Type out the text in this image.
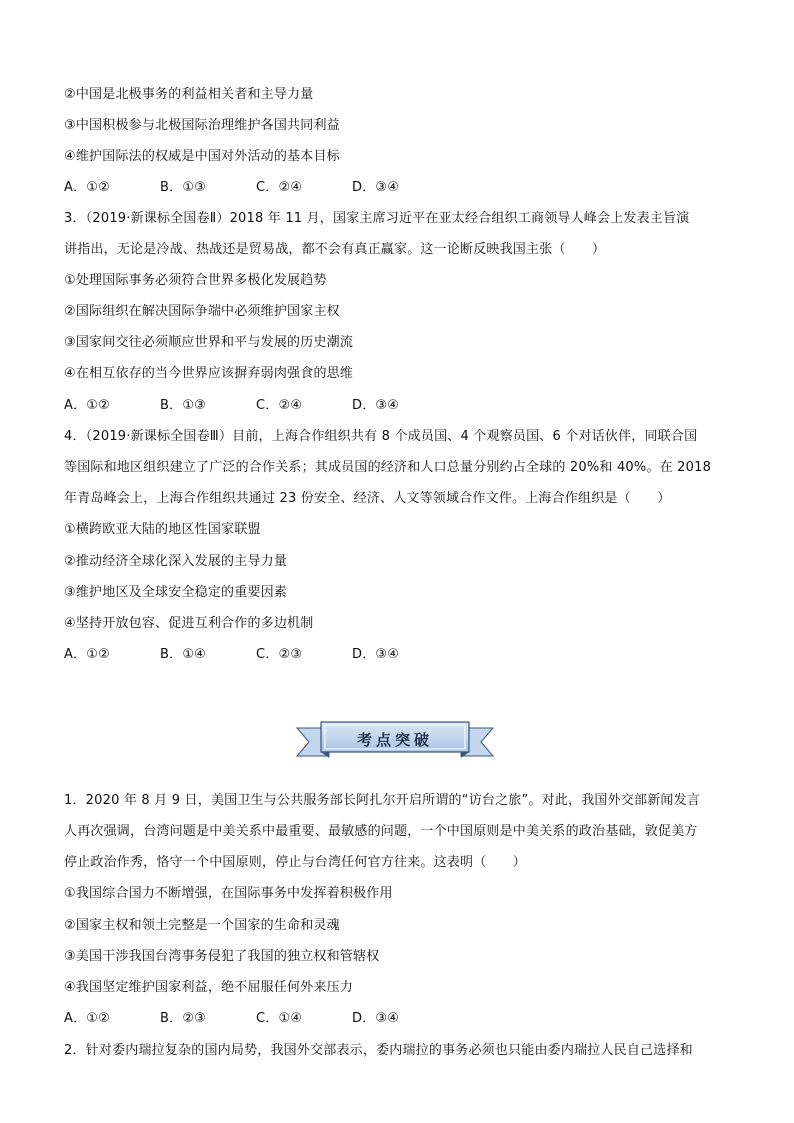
②中国是北极事务的利益相关者和主导力量
③中国积极参与北极国际治理维护各国共同利益
④维护国际法的权威是中国对外活动的基本目标
A．①②	B．①③	C．②④	D．③④
3．（2019·新课标全国卷Ⅱ）2018 年 11 月，国家主席习近平在亚太经合组织工商领导人峰会上发表主旨演
讲指出，无论是冷战、热战还是贸易战，都不会有真正赢家。这一论断反映我国主张（　　）
①处理国际事务必须符合世界多极化发展趋势
②国际组织在解决国际争端中必须维护国家主权
③国家间交往必须顺应世界和平与发展的历史潮流
④在相互依存的当今世界应该摒弃弱肉强食的思维
A．①②	B．①③	C．②④	D．③④
4．（2019·新课标全国卷Ⅲ）目前，上海合作组织共有 8 个成员国、4 个观察员国、6 个对话伙伴，同联合国
等国际和地区组织建立了广泛的合作关系；其成员国的经济和人口总量分别约占全球的 20%和 40%。在 2018
年青岛峰会上，上海合作组织共通过 23 份安全、经济、人文等领域合作文件。上海合作组织是（　　）
①横跨欧亚大陆的地区性国家联盟
②推动经济全球化深入发展的主导力量
③维护地区及全球安全稳定的重要因素
④坚持开放包容、促进互利合作的多边机制
A．①②	B．①④	C．②③	D．③④
考点突破
1．2020 年 8 月 9 日，美国卫生与公共服务部长阿扎尔开启所谓的“访台之旅”。对此，我国外交部新闻发言
人再次强调，台湾问题是中美关系中最重要、最敏感的问题，一个中国原则是中美关系的政治基础，敦促美方
停止政治作秀，恪守一个中国原则，停止与台湾任何官方往来。这表明（　　）
①我国综合国力不断增强，在国际事务中发挥着积极作用
②国家主权和领土完整是一个国家的生命和灵魂
③美国干涉我国台湾事务侵犯了我国的独立权和管辖权
④我国坚定维护国家利益，绝不屈服任何外来压力
A．①②	B．②③	C．①④	D．③④
2．针对委内瑞拉复杂的国内局势，我国外交部表示，委内瑞拉的事务必须也只能由委内瑞拉人民自己选择和
